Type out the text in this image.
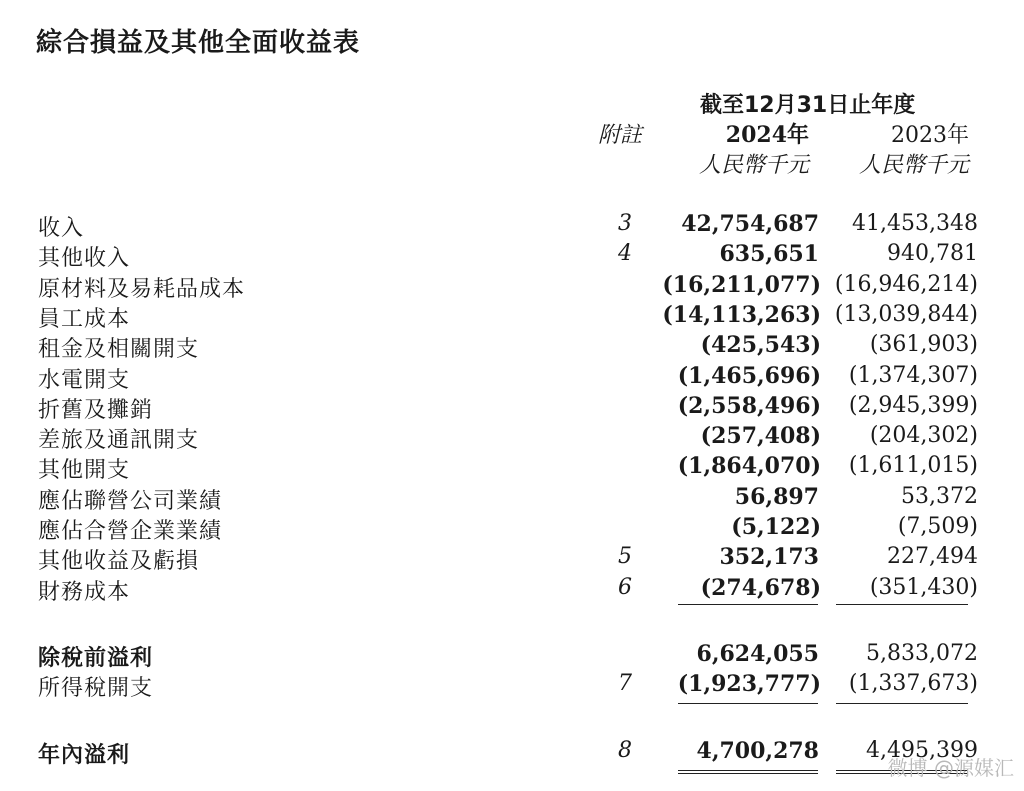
綜合損益及其他全面收益表
截至12月31日止年度
附註	2024年	2023年
人民幣千元 人民幣千元
收入	3 42,754,687 41,453,348
其他收入	4	635,651	940,781
原材料及易耗品成本	(16,211,077) (16,946,214)
員工成本	(14,113,263) (13,039,844)
租金及相關開支	(425,543) (361,903)
水電開支	(1,465,696) (1,374,307)
折舊及攤銷	(2,558,496) (2,945,399)
差旅及通訊開支	(257,408) (204,302)
其他開支	(1,864,070) (1,611,015)
應佔聯營公司業績	56,897	53,372
應佔合營企業業績	(5,122)	(7,509)
其他收益及虧損	5	352,173	227,494
財務成本	6	(274,678) (351,430)
除稅前溢利	6,624,055 5,833,072
所得稅開支	7 (1,923,777) (1,337,673)
年內溢利	8	4,700,278 4,495,399
微博 @源媒汇
